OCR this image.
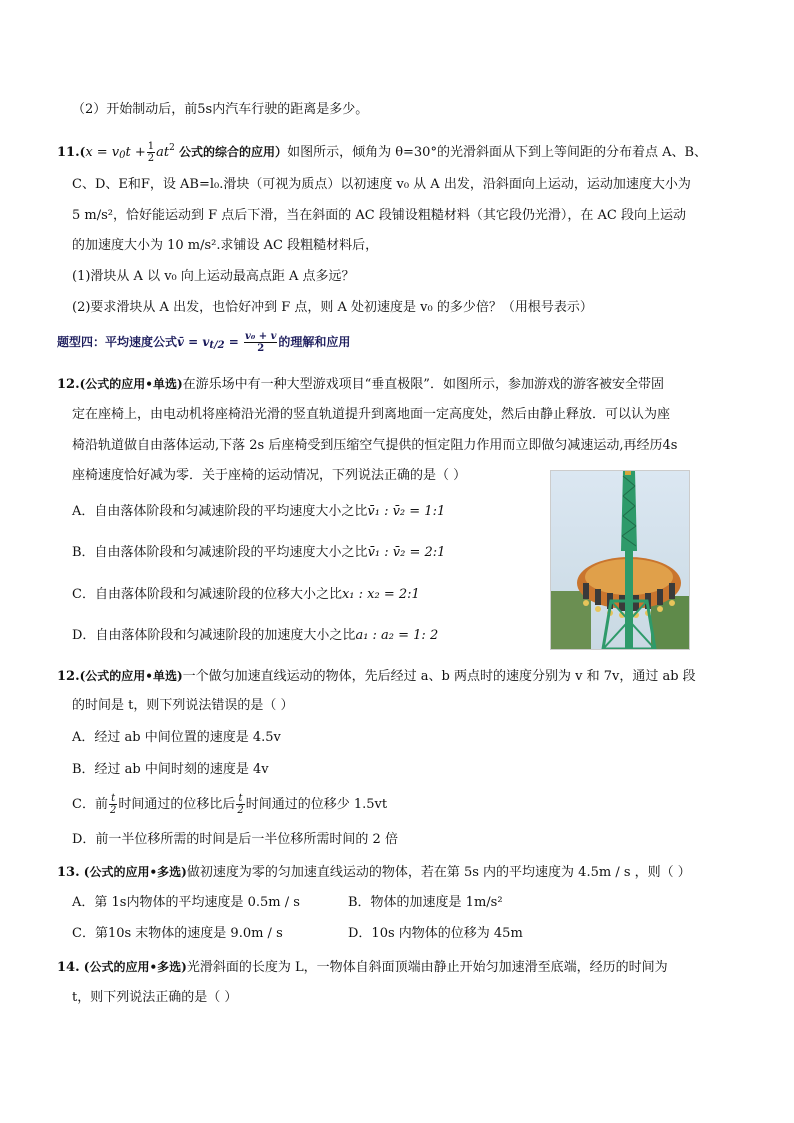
（2）开始制动后，前5s内汽车行驶的距离是多少。
$11.(x = v_0t + \frac{1}{2} at^2$ 公式的综合的应用）如图所示，倾角为 θ=30°的光滑斜面从下到上等间距的分布着点 A、B、
C、D、E和F，设 AB=l₀.滑块（可视为质点）以初速度 v₀ 从 A 出发，沿斜面向上运动，运动加速度大小为
5 m/s²，恰好能运动到 F 点后下滑，当在斜面的 AC 段铺设粗糙材料（其它段仍光滑），在 AC 段向上运动
的加速度大小为 10 m/s².求铺设 AC 段粗糙材料后，
(1)滑块从 A 以 v₀ 向上运动最高点距 A 点多远？
(2)要求滑块从 A 出发，也恰好冲到 F 点，则 A 处初速度是 v₀ 的多少倍？（用根号表示）
题型四：平均速度公式v̄ = $v_{t/2} = \frac{\text{v₀ + v}}{2}$ 的理解和应用
12.(公式的应用•单选)在游乐场中有一种大型游戏项目“垂直极限”．如图所示，参加游戏的游客被安全带固
定在座椅上，由电动机将座椅沿光滑的竖直轨道提升到离地面一定高度处，然后由静止释放．可以认为座
椅沿轨道做自由落体运动,下落 2s 后座椅受到压缩空气提供的恒定阻力作用而立即做匀减速运动,再经历4s
座椅速度恰好减为零．关于座椅的运动情况，下列说法正确的是（ ）
A．自由落体阶段和匀减速阶段的平均速度大小之比v̄₁ : v̄₂ = 1:1
B．自由落体阶段和匀减速阶段的平均速度大小之比v̄₁ : v̄₂ = 2:1
C．自由落体阶段和匀减速阶段的位移大小之比x₁ : x₂ = 2:1
D．自由落体阶段和匀减速阶段的加速度大小之比a₁ : a₂ = 1: 2
12.(公式的应用•单选)一个做匀加速直线运动的物体，先后经过 a、b 两点时的速度分别为 v 和 7v，通过 ab 段
的时间是 t，则下列说法错误的是（ ）
A．经过 ab 中间位置的速度是 4.5v
B．经过 ab 中间时刻的速度是 4v
C．前 $\frac{t}{2}$ 时间通过的位移比后 $\frac{t}{2}$ 时间通过的位移少 1.5vt
D．前一半位移所需的时间是后一半位移所需时间的 2 倍
13. (公式的应用•多选)做初速度为零的匀加速直线运动的物体，若在第 5s 内的平均速度为 4.5m / s ，则（ ）
A．第 1s内物体的平均速度是 0.5m / s	B．物体的加速度是 1m/s²
C．第10s 末物体的速度是 9.0m / s	D．10s 内物体的位移为 45m
14. (公式的应用•多选)光滑斜面的长度为 L，一物体自斜面顶端由静止开始匀加速滑至底端，经历的时间为
t，则下列说法正确的是（ ）
